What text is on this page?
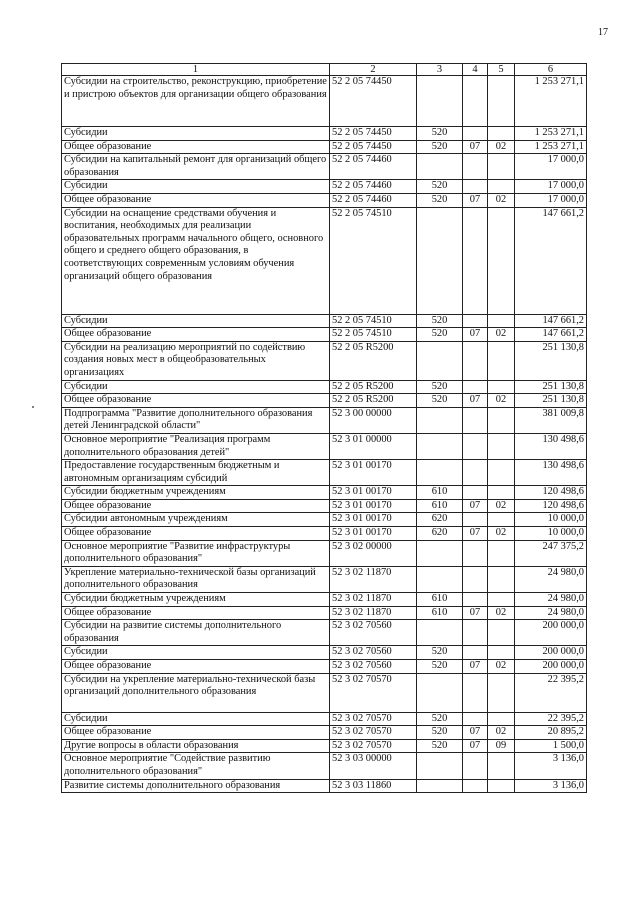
17
1	2	3	4	5	6
Субсидии на строительство, реконструкцию, приобретение и пристрою объектов для организации общего образования	52 2 05 74450				1 253 271,1
Субсидии	52 2 05 74450	520			1 253 271,1
Общее образование	52 2 05 74450	520	07	02	1 253 271,1
Субсидии на капитальный ремонт для организаций общего образования	52 2 05 74460				17 000,0
Субсидии	52 2 05 74460	520			17 000,0
Общее образование	52 2 05 74460	520	07	02	17 000,0
Субсидии на оснащение средствами обучения и воспитания, необходимых для реализации образовательных программ начального общего, основного общего и среднего общего образования, в соответствующих современным условиям обучения организаций общего образования	52 2 05 74510				147 661,2
Субсидии	52 2 05 74510	520			147 661,2
Общее образование	52 2 05 74510	520	07	02	147 661,2
Субсидии на реализацию мероприятий по содействию создания новых мест в общеобразовательных организациях	52 2 05 R5200				251 130,8
Субсидии	52 2 05 R5200	520			251 130,8
Общее образование	52 2 05 R5200	520	07	02	251 130,8
Подпрограмма "Развитие дополнительного образования детей Ленинградской области"	52 3 00 00000				381 009,8
Основное мероприятие "Реализация программ дополнительного образования детей"	52 3 01 00000				130 498,6
Предоставление государственным бюджетным и автономным организациям субсидий	52 3 01 00170				130 498,6
Субсидии бюджетным учреждениям	52 3 01 00170	610			120 498,6
Общее образование	52 3 01 00170	610	07	02	120 498,6
Субсидии автономным учреждениям	52 3 01 00170	620			10 000,0
Общее образование	52 3 01 00170	620	07	02	10 000,0
Основное мероприятие "Развитие инфраструктуры дополнительного образования"	52 3 02 00000				247 375,2
Укрепление материально-технической базы организаций дополнительного образования	52 3 02 11870				24 980,0
Субсидии бюджетным учреждениям	52 3 02 11870	610			24 980,0
Общее образование	52 3 02 11870	610	07	02	24 980,0
Субсидии на развитие системы дополнительного образования	52 3 02 70560				200 000,0
Субсидии	52 3 02 70560	520			200 000,0
Общее образование	52 3 02 70560	520	07	02	200 000,0
Субсидии на укрепление материально-технической базы организаций дополнительного образования	52 3 02 70570				22 395,2
Субсидии	52 3 02 70570	520			22 395,2
Общее образование	52 3 02 70570	520	07	02	20 895,2
Другие вопросы в области образования	52 3 02 70570	520	07	09	1 500,0
Основное мероприятие "Содействие развитию дополнительного образования"	52 3 03 00000				3 136,0
Развитие системы дополнительного образования	52 3 03 11860				3 136,0
